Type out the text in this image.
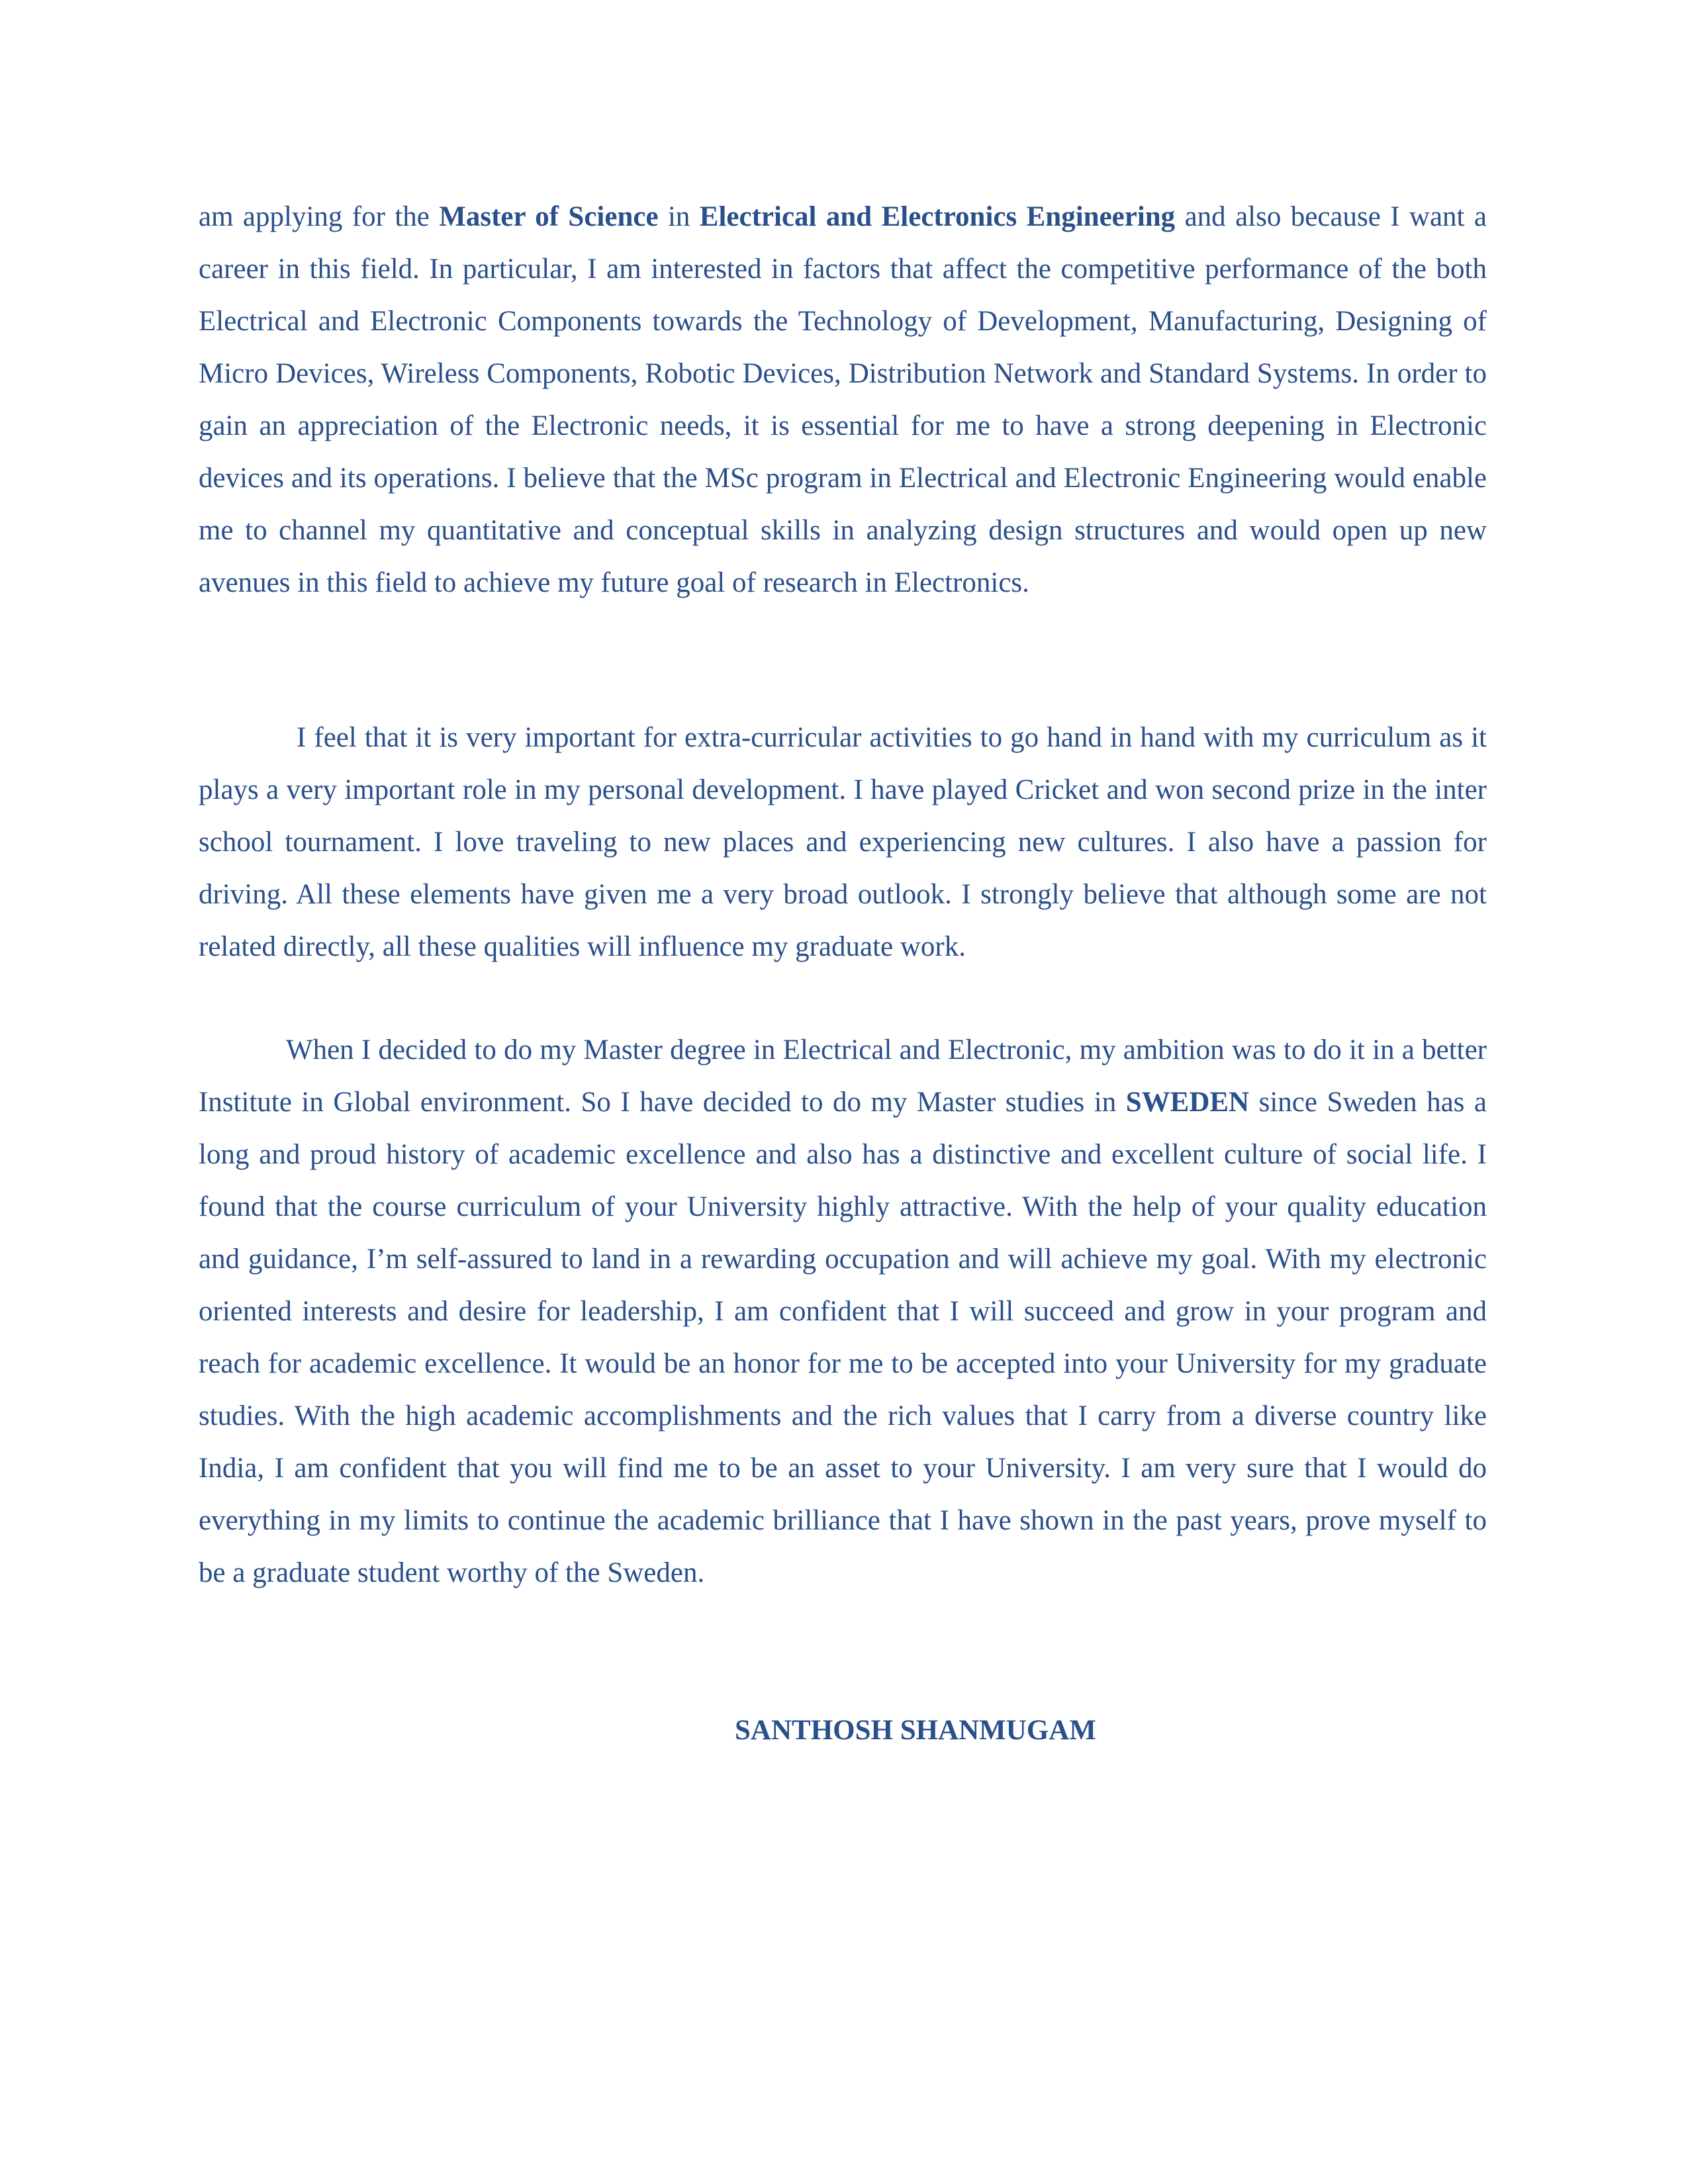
am applying for the Master of Science in Electrical and Electronics Engineering and also because I want a career in this field. In particular, I am interested in factors that affect the competitive performance of the both Electrical and Electronic Components towards the Technology of Development, Manufacturing, Designing of Micro Devices, Wireless Components, Robotic Devices, Distribution Network and Standard Systems. In order to gain an appreciation of the Electronic needs, it is essential for me to have a strong deepening in Electronic devices and its operations. I believe that the MSc program in Electrical and Electronic Engineering would enable me to channel my quantitative and conceptual skills in analyzing design structures and would open up new avenues in this field to achieve my future goal of research in Electronics.

I feel that it is very important for extra-curricular activities to go hand in hand with my curriculum as it plays a very important role in my personal development. I have played Cricket and won second prize in the inter school tournament. I love traveling to new places and experiencing new cultures. I also have a passion for driving. All these elements have given me a very broad outlook. I strongly believe that although some are not related directly, all these qualities will influence my graduate work.

When I decided to do my Master degree in Electrical and Electronic, my ambition was to do it in a better Institute in Global environment. So I have decided to do my Master studies in SWEDEN since Sweden has a long and proud history of academic excellence and also has a distinctive and excellent culture of social life. I found that the course curriculum of your University highly attractive. With the help of your quality education and guidance, I’m self-assured to land in a rewarding occupation and will achieve my goal. With my electronic oriented interests and desire for leadership, I am confident that I will succeed and grow in your program and reach for academic excellence. It would be an honor for me to be accepted into your University for my graduate studies. With the high academic accomplishments and the rich values that I carry from a diverse country like India, I am confident that you will find me to be an asset to your University. I am very sure that I would do everything in my limits to continue the academic brilliance that I have shown in the past years, prove myself to be a graduate student worthy of the Sweden.

SANTHOSH SHANMUGAM
